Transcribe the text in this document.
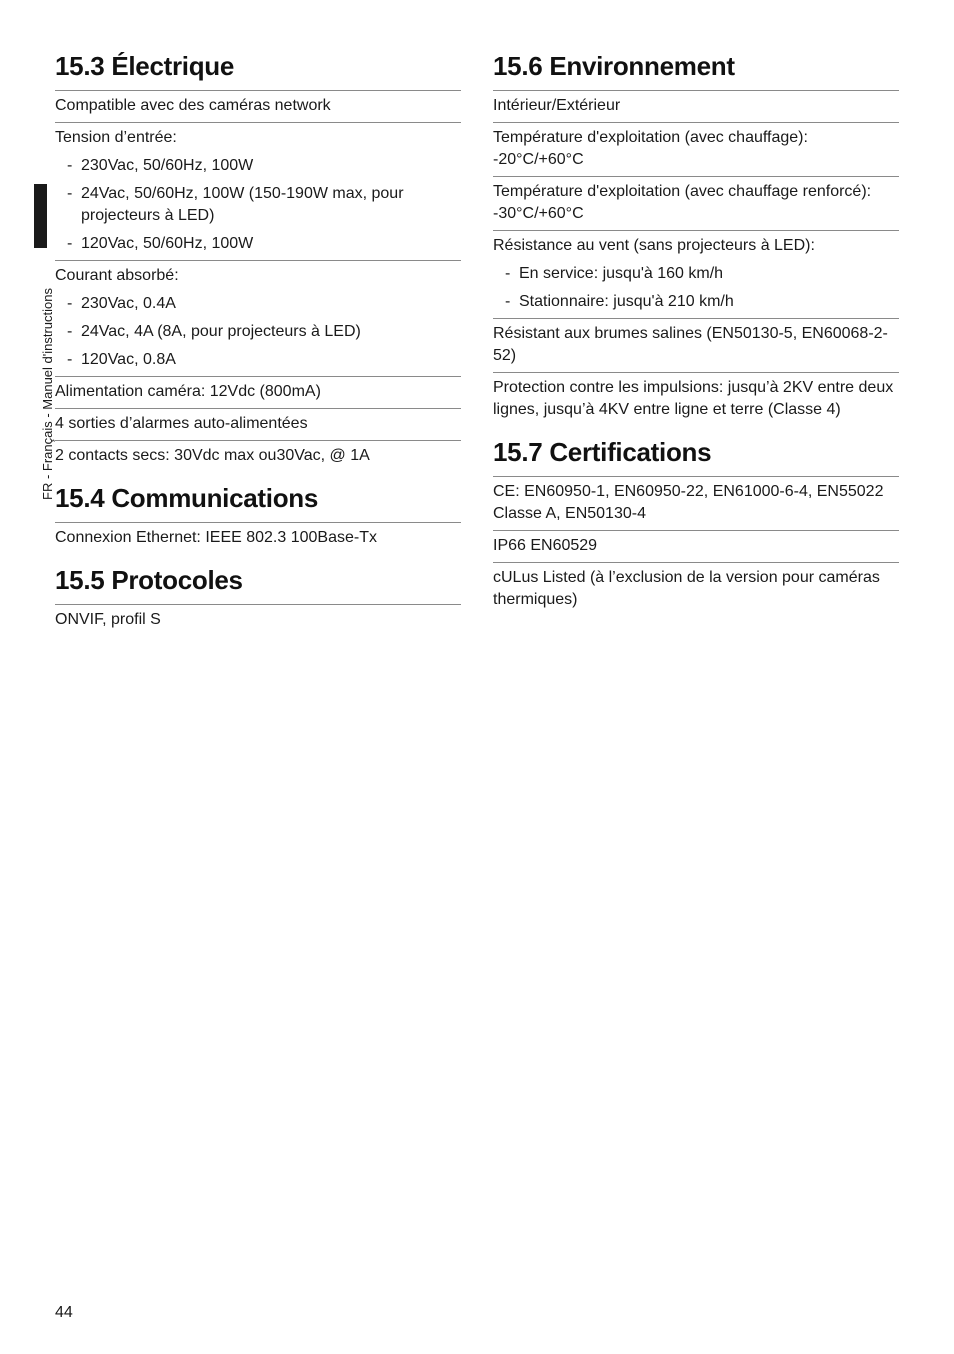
FR - Français - Manuel d'instructions
15.3 Électrique
Compatible avec des caméras network
Tension d’entrée:
- 230Vac, 50/60Hz, 100W
- 24Vac, 50/60Hz, 100W (150-190W max, pour projecteurs à LED)
- 120Vac, 50/60Hz, 100W
Courant absorbé:
- 230Vac, 0.4A
- 24Vac, 4A (8A, pour projecteurs à LED)
- 120Vac, 0.8A
Alimentation caméra: 12Vdc (800mA)
4 sorties d’alarmes auto-alimentées
2 contacts secs: 30Vdc max ou30Vac, @ 1A
15.4 Communications
Connexion Ethernet: IEEE 802.3 100Base-Tx
15.5 Protocoles
ONVIF, profil S
15.6 Environnement
Intérieur/Extérieur
Température d'exploitation (avec chauffage): -20°C/+60°C
Température d'exploitation (avec chauffage renforcé): -30°C/+60°C
Résistance au vent (sans projecteurs à LED):
- En service: jusqu'à 160 km/h
- Stationnaire: jusqu'à 210 km/h
Résistant aux brumes salines (EN50130-5, EN60068-2-52)
Protection contre les impulsions: jusqu’à 2KV entre deux lignes, jusqu’à 4KV entre ligne et terre (Classe 4)
15.7 Certifications
CE: EN60950-1, EN60950-22, EN61000-6-4, EN55022 Classe A, EN50130-4
IP66 EN60529
cULus Listed (à l’exclusion de la version pour caméras thermiques)
44
